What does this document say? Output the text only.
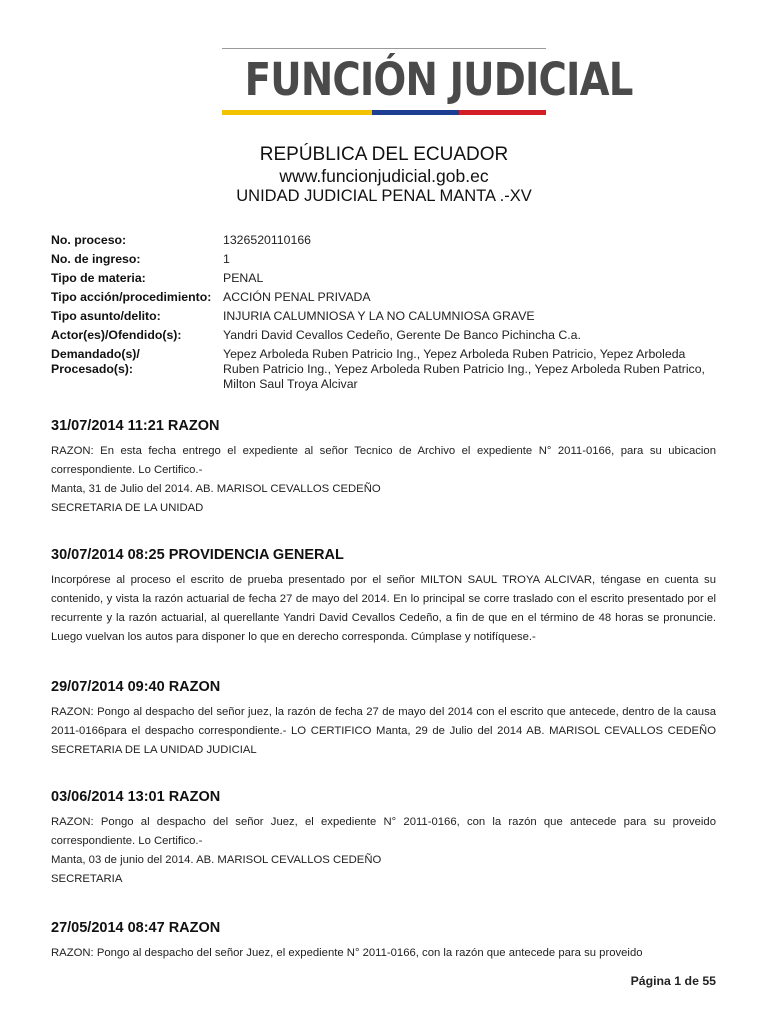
FUNCIÓN JUDICIAL
REPÚBLICA DEL ECUADOR
www.funcionjudicial.gob.ec
UNIDAD JUDICIAL PENAL MANTA .-XV
No. proceso:	1326520110166
No. de ingreso:	1
Tipo de materia:	PENAL
Tipo acción/procedimiento: ACCIÓN PENAL PRIVADA
Tipo asunto/delito:	INJURIA CALUMNIOSA Y LA NO CALUMNIOSA GRAVE
Actor(es)/Ofendido(s):	Yandri David Cevallos Cedeño, Gerente De Banco Pichincha C.a.
Demandado(s)/ Procesado(s):
Yepez Arboleda Ruben Patricio Ing., Yepez Arboleda Ruben Patricio, Yepez Arboleda Ruben Patricio Ing., Yepez Arboleda Ruben Patricio Ing., Yepez Arboleda Ruben Patrico, Milton Saul Troya Alcivar
31/07/2014 11:21 RAZON

RAZON: En esta fecha entrego el expediente al señor Tecnico de Archivo el expediente N° 2011-0166, para su ubicacion correspondiente. Lo Certifico.-

Manta, 31 de Julio del 2014. AB. MARISOL CEVALLOS CEDEÑO

SECRETARIA DE LA UNIDAD

30/07/2014 08:25 PROVIDENCIA GENERAL

Incorpórese al proceso el escrito de prueba presentado por el señor MILTON SAUL TROYA ALCIVAR, téngase en cuenta su contenido, y vista la razón actuarial de fecha 27 de mayo del 2014. En lo principal se corre traslado con el escrito presentado por el recurrente y la razón actuarial, al querellante Yandri David Cevallos Cedeño, a fin de que en el término de 48 horas se pronuncie. Luego vuelvan los autos para disponer lo que en derecho corresponda. Cúmplase y notifíquese.-

29/07/2014 09:40 RAZON

RAZON: Pongo al despacho del señor juez, la razón de fecha 27 de mayo del 2014 con el escrito que antecede, dentro de la causa 2011-0166para el despacho correspondiente.- LO CERTIFICO Manta, 29 de Julio del 2014 AB. MARISOL CEVALLOS CEDEÑO SECRETARIA DE LA UNIDAD JUDICIAL

03/06/2014 13:01 RAZON

RAZON: Pongo al despacho del señor Juez, el expediente N° 2011-0166, con la razón que antecede para su proveido correspondiente. Lo Certifico.-

Manta, 03 de junio del 2014. AB. MARISOL CEVALLOS CEDEÑO

SECRETARIA

27/05/2014 08:47 RAZON

RAZON: Pongo al despacho del señor Juez, el expediente N° 2011-0166, con la razón que antecede para su proveido

Página 1 de 55
